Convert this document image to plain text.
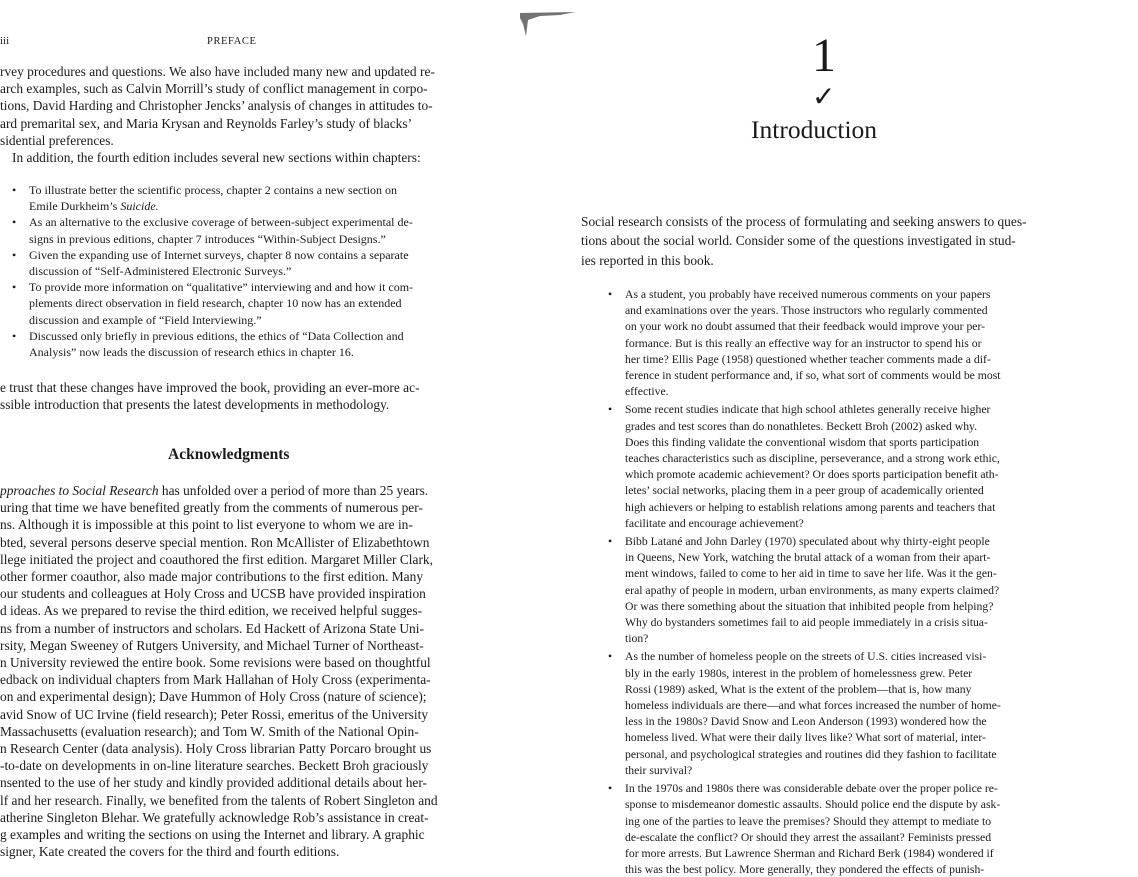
iii	PREFACE
rvey procedures and questions. We also have included many new and updated re-
arch examples, such as Calvin Morrill’s study of conflict management in corpo-
tions, David Harding and Christopher Jencks’ analysis of changes in attitudes to-
ard premarital sex, and Maria Krysan and Reynolds Farley’s study of blacks’
sidential preferences.
In addition, the fourth edition includes several new sections within chapters:
• To illustrate better the scientific process, chapter 2 contains a new section on
Emile Durkheim’s Suicide.
• As an alternative to the exclusive coverage of between-subject experimental de-
signs in previous editions, chapter 7 introduces “Within-Subject Designs.”
• Given the expanding use of Internet surveys, chapter 8 now contains a separate
discussion of “Self-Administered Electronic Surveys.”
• To provide more information on “qualitative” interviewing and and how it com-
plements direct observation in field research, chapter 10 now has an extended
discussion and example of “Field Interviewing.”
• Discussed only briefly in previous editions, the ethics of “Data Collection and
Analysis” now leads the discussion of research ethics in chapter 16.
e trust that these changes have improved the book, providing an ever-more ac-
ssible introduction that presents the latest developments in methodology.
Acknowledgments
pproaches to Social Research has unfolded over a period of more than 25 years.
uring that time we have benefited greatly from the comments of numerous per-
ns. Although it is impossible at this point to list everyone to whom we are in-
bted, several persons deserve special mention. Ron McAllister of Elizabethtown
llege initiated the project and coauthored the first edition. Margaret Miller Clark,
other former coauthor, also made major contributions to the first edition. Many
our students and colleagues at Holy Cross and UCSB have provided inspiration
d ideas. As we prepared to revise the third edition, we received helpful sugges-
ns from a number of instructors and scholars. Ed Hackett of Arizona State Uni-
rsity, Megan Sweeney of Rutgers University, and Michael Turner of Northeast-
n University reviewed the entire book. Some revisions were based on thoughtful
edback on individual chapters from Mark Hallahan of Holy Cross (experimenta-
on and experimental design); Dave Hummon of Holy Cross (nature of science);
avid Snow of UC Irvine (field research); Peter Rossi, emeritus of the University
Massachusetts (evaluation research); and Tom W. Smith of the National Opin-
n Research Center (data analysis). Holy Cross librarian Patty Porcaro brought us
-to-date on developments in on-line literature searches. Beckett Broh graciously
nsented to the use of her study and kindly provided additional details about her-
lf and her research. Finally, we benefited from the talents of Robert Singleton and
atherine Singleton Blehar. We gratefully acknowledge Rob’s assistance in creat-
g examples and writing the sections on using the Internet and library. A graphic
signer, Kate created the covers for the third and fourth editions.
1
✓
Introduction
Social research consists of the process of formulating and seeking answers to ques-
tions about the social world. Consider some of the questions investigated in stud-
ies reported in this book.
• As a student, you probably have received numerous comments on your papers
and examinations over the years. Those instructors who regularly commented
on your work no doubt assumed that their feedback would improve your per-
formance. But is this really an effective way for an instructor to spend his or
her time? Ellis Page (1958) questioned whether teacher comments made a dif-
ference in student performance and, if so, what sort of comments would be most
effective.
• Some recent studies indicate that high school athletes generally receive higher
grades and test scores than do nonathletes. Beckett Broh (2002) asked why.
Does this finding validate the conventional wisdom that sports participation
teaches characteristics such as discipline, perseverance, and a strong work ethic,
which promote academic achievement? Or does sports participation benefit ath-
letes’ social networks, placing them in a peer group of academically oriented
high achievers or helping to establish relations among parents and teachers that
facilitate and encourage achievement?
• Bibb Latané and John Darley (1970) speculated about why thirty-eight people
in Queens, New York, watching the brutal attack of a woman from their apart-
ment windows, failed to come to her aid in time to save her life. Was it the gen-
eral apathy of people in modern, urban environments, as many experts claimed?
Or was there something about the situation that inhibited people from helping?
Why do bystanders sometimes fail to aid people immediately in a crisis situa-
tion?
• As the number of homeless people on the streets of U.S. cities increased visi-
bly in the early 1980s, interest in the problem of homelessness grew. Peter
Rossi (1989) asked, What is the extent of the problem—that is, how many
homeless individuals are there—and what forces increased the number of home-
less in the 1980s? David Snow and Leon Anderson (1993) wondered how the
homeless lived. What were their daily lives like? What sort of material, inter-
personal, and psychological strategies and routines did they fashion to facilitate
their survival?
• In the 1970s and 1980s there was considerable debate over the proper police re-
sponse to misdemeanor domestic assaults. Should police end the dispute by ask-
ing one of the parties to leave the premises? Should they attempt to mediate to
de-escalate the conflict? Or should they arrest the assailant? Feminists pressed
for more arrests. But Lawrence Sherman and Richard Berk (1984) wondered if
this was the best policy. More generally, they pondered the effects of punish-
